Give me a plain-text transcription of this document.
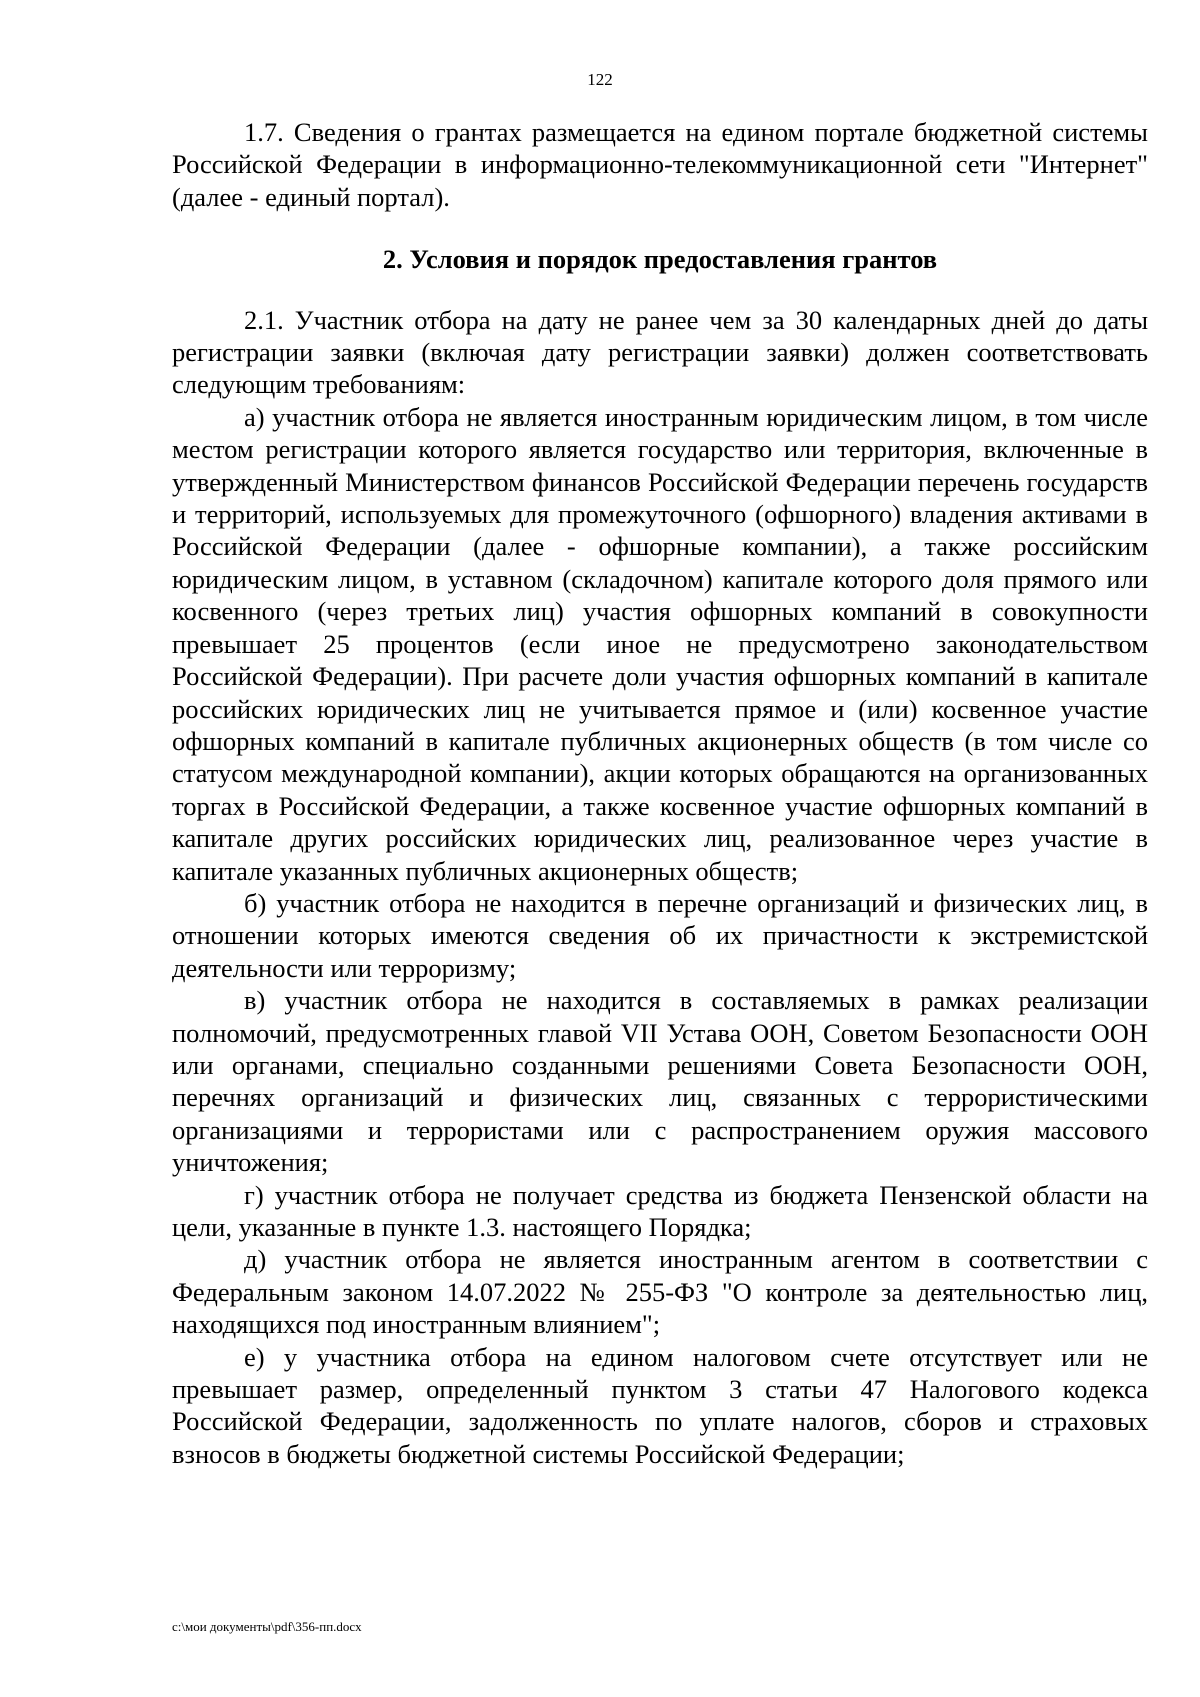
122

1.7. Сведения о грантах размещается на едином портале бюджетной системы Российской Федерации в информационно-телекоммуникационной сети "Интернет" (далее - единый портал).

2. Условия и порядок предоставления грантов

2.1. Участник отбора на дату не ранее чем за 30 календарных дней до даты регистрации заявки (включая дату регистрации заявки) должен соответствовать следующим требованиям:

а) участник отбора не является иностранным юридическим лицом, в том числе местом регистрации которого является государство или территория, включенные в утвержденный Министерством финансов Российской Федерации перечень государств и территорий, используемых для промежуточного (офшорного) владения активами в Российской Федерации (далее - офшорные компании), а также российским юридическим лицом, в уставном (складочном) капитале которого доля прямого или косвенного (через третьих лиц) участия офшорных компаний в совокупности превышает 25 процентов (если иное не предусмотрено законодательством Российской Федерации). При расчете доли участия офшорных компаний в капитале российских юридических лиц не учитывается прямое и (или) косвенное участие офшорных компаний в капитале публичных акционерных обществ (в том числе со статусом международной компании), акции которых обращаются на организованных торгах в Российской Федерации, а также косвенное участие офшорных компаний в капитале других российских юридических лиц, реализованное через участие в капитале указанных публичных акционерных обществ;

б) участник отбора не находится в перечне организаций и физических лиц, в отношении которых имеются сведения об их причастности к экстремистской деятельности или терроризму;

в) участник отбора не находится в составляемых в рамках реализации полномочий, предусмотренных главой VII Устава ООН, Советом Безопасности ООН или органами, специально созданными решениями Совета Безопасности ООН, перечнях организаций и физических лиц, связанных с террористическими организациями и террористами или с распространением оружия массового уничтожения;

г) участник отбора не получает средства из бюджета Пензенской области на цели, указанные в пункте 1.3. настоящего Порядка;

д) участник отбора не является иностранным агентом в соответствии с Федеральным законом 14.07.2022 № 255-ФЗ "О контроле за деятельностью лиц, находящихся под иностранным влиянием";

е) у участника отбора на едином налоговом счете отсутствует или не превышает размер, определенный пунктом 3 статьи 47 Налогового кодекса Российской Федерации, задолженность по уплате налогов, сборов и страховых взносов в бюджеты бюджетной системы Российской Федерации;

c:\мои документы\pdf\356-пп.docx
